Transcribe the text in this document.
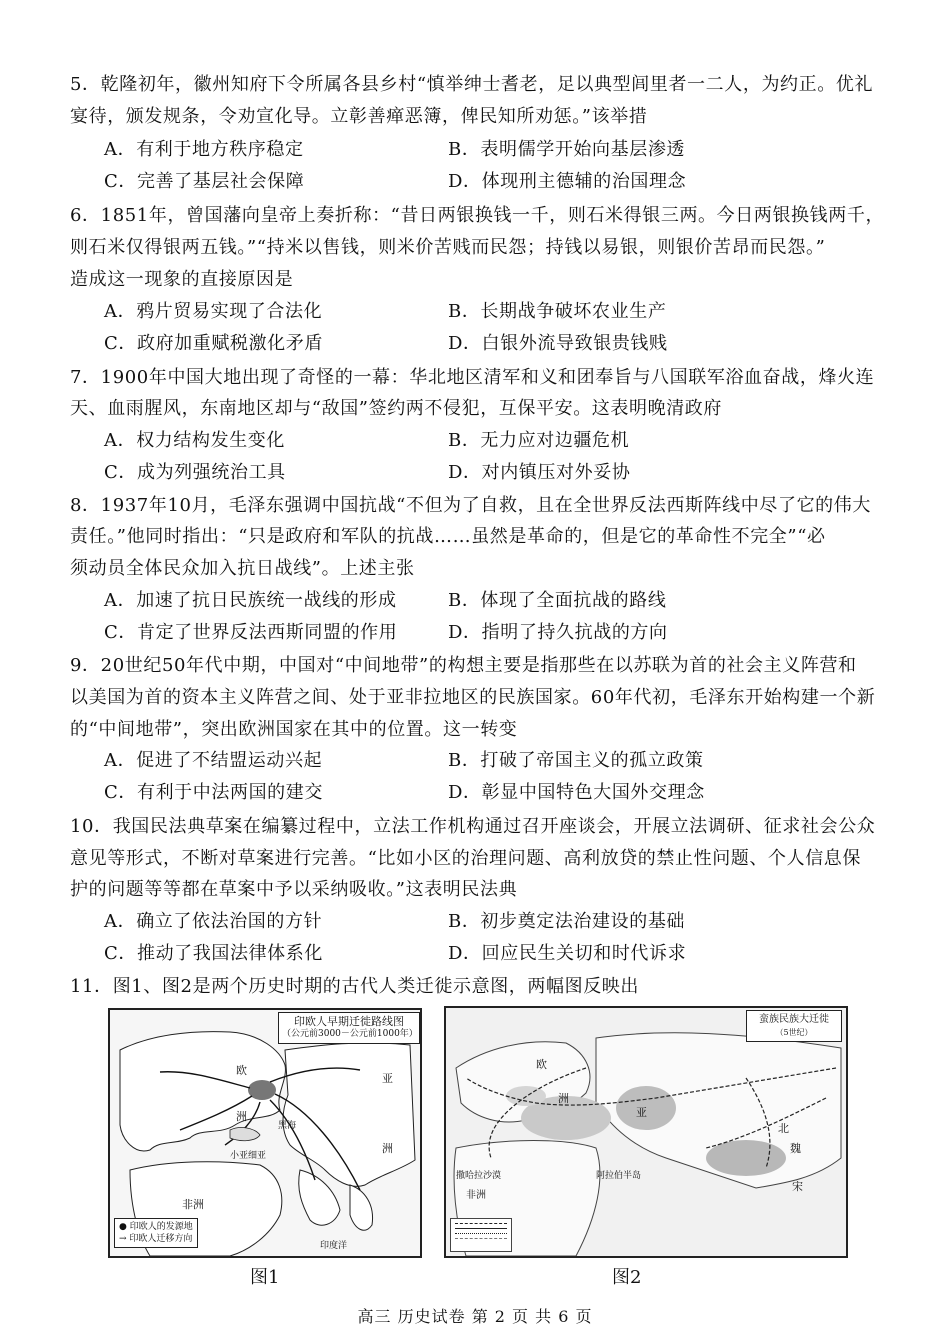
5．乾隆初年，徽州知府下令所属各县乡村“慎举绅士耆老，足以典型闾里者一二人，为约正。优礼
宴待，颁发规条，令劝宣化导。立彰善瘅恶簿，俾民知所劝惩。”该举措
A．有利于地方秩序稳定	B．表明儒学开始向基层渗透
C．完善了基层社会保障	D．体现刑主德辅的治国理念
6．1851年，曾国藩向皇帝上奏折称：“昔日两银换钱一千，则石米得银三两。今日两银换钱两千，
则石米仅得银两五钱。”“持米以售钱，则米价苦贱而民怨；持钱以易银，则银价苦昂而民怨。”
造成这一现象的直接原因是
A．鸦片贸易实现了合法化	B．长期战争破坏农业生产
C．政府加重赋税激化矛盾	D．白银外流导致银贵钱贱
7．1900年中国大地出现了奇怪的一幕：华北地区清军和义和团奉旨与八国联军浴血奋战，烽火连
天、血雨腥风，东南地区却与“敌国”签约两不侵犯，互保平安。这表明晚清政府
A．权力结构发生变化	B．无力应对边疆危机
C．成为列强统治工具	D．对内镇压对外妥协
8．1937年10月，毛泽东强调中国抗战“不但为了自救，且在全世界反法西斯阵线中尽了它的伟大
责任。”他同时指出：“只是政府和军队的抗战……虽然是革命的，但是它的革命性不完全”“必
须动员全体民众加入抗日战线”。上述主张
A．加速了抗日民族统一战线的形成	B．体现了全面抗战的路线
C．肯定了世界反法西斯同盟的作用	D．指明了持久抗战的方向
9．20世纪50年代中期，中国对“中间地带”的构想主要是指那些在以苏联为首的社会主义阵营和
以美国为首的资本主义阵营之间、处于亚非拉地区的民族国家。60年代初，毛泽东开始构建一个新
的“中间地带”，突出欧洲国家在其中的位置。这一转变
A．促进了不结盟运动兴起	B．打破了帝国主义的孤立政策
C．有利于中法两国的建交	D．彰显中国特色大国外交理念
10．我国民法典草案在编纂过程中，立法工作机构通过召开座谈会，开展立法调研、征求社会公众
意见等形式，不断对草案进行完善。“比如小区的治理问题、高利放贷的禁止性问题、个人信息保
护的问题等等都在草案中予以采纳吸收。”这表明民法典
A．确立了依法治国的方针	B．初步奠定法治建设的基础
C．推动了我国法律体系化	D．回应民生关切和时代诉求
11．图1、图2是两个历史时期的古代人类迁徙示意图，两幅图反映出
印欧人早期迁徙路线图
（公元前3000－公元前1000年）
欧
洲
亚
洲
非洲
印度洋
黑海
小亚细亚
● 印欧人的发源地
→ 印欧人迁移方向
图1
蛮族民族大迁徙
（5世纪）
欧
洲
亚
北
魏
宋
撒哈拉沙漠
非洲
阿拉伯半岛
图2
高三 历史试卷 第 2 页 共 6 页
